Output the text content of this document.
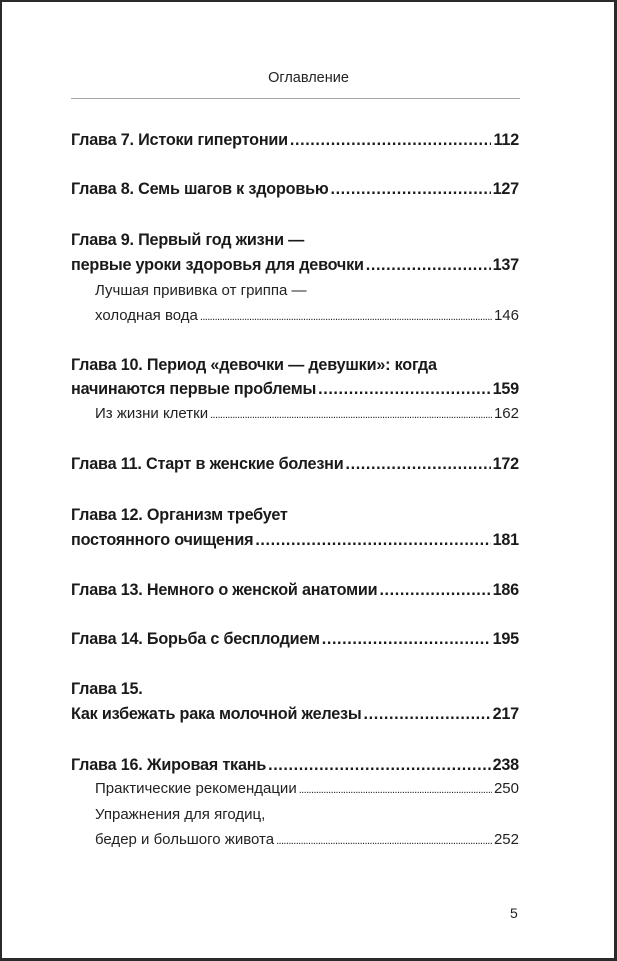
Оглавление
Глава 7. Истоки гипертонии .....	112
Глава 8. Семь шагов к здоровью .....	127
Глава 9. Первый год жизни —
первые уроки здоровья для девочки .....	137
Лучшая прививка от гриппа —
холодная вода .....	146
Глава 10. Период «девочки — девушки»: когда
начинаются первые проблемы .....	159
Из жизни клетки .....	162
Глава 11. Старт в женские болезни .....	172
Глава 12. Организм требует
постоянного очищения .....	181
Глава 13. Немного о женской анатомии .....	186
Глава 14. Борьба с бесплодием .....	195
Глава 15.
Как избежать рака молочной железы .....	217
Глава 16. Жировая ткань .....	238
Практические рекомендации .....	250
Упражнения для ягодиц,
бедер и большого живота .....	252
5
